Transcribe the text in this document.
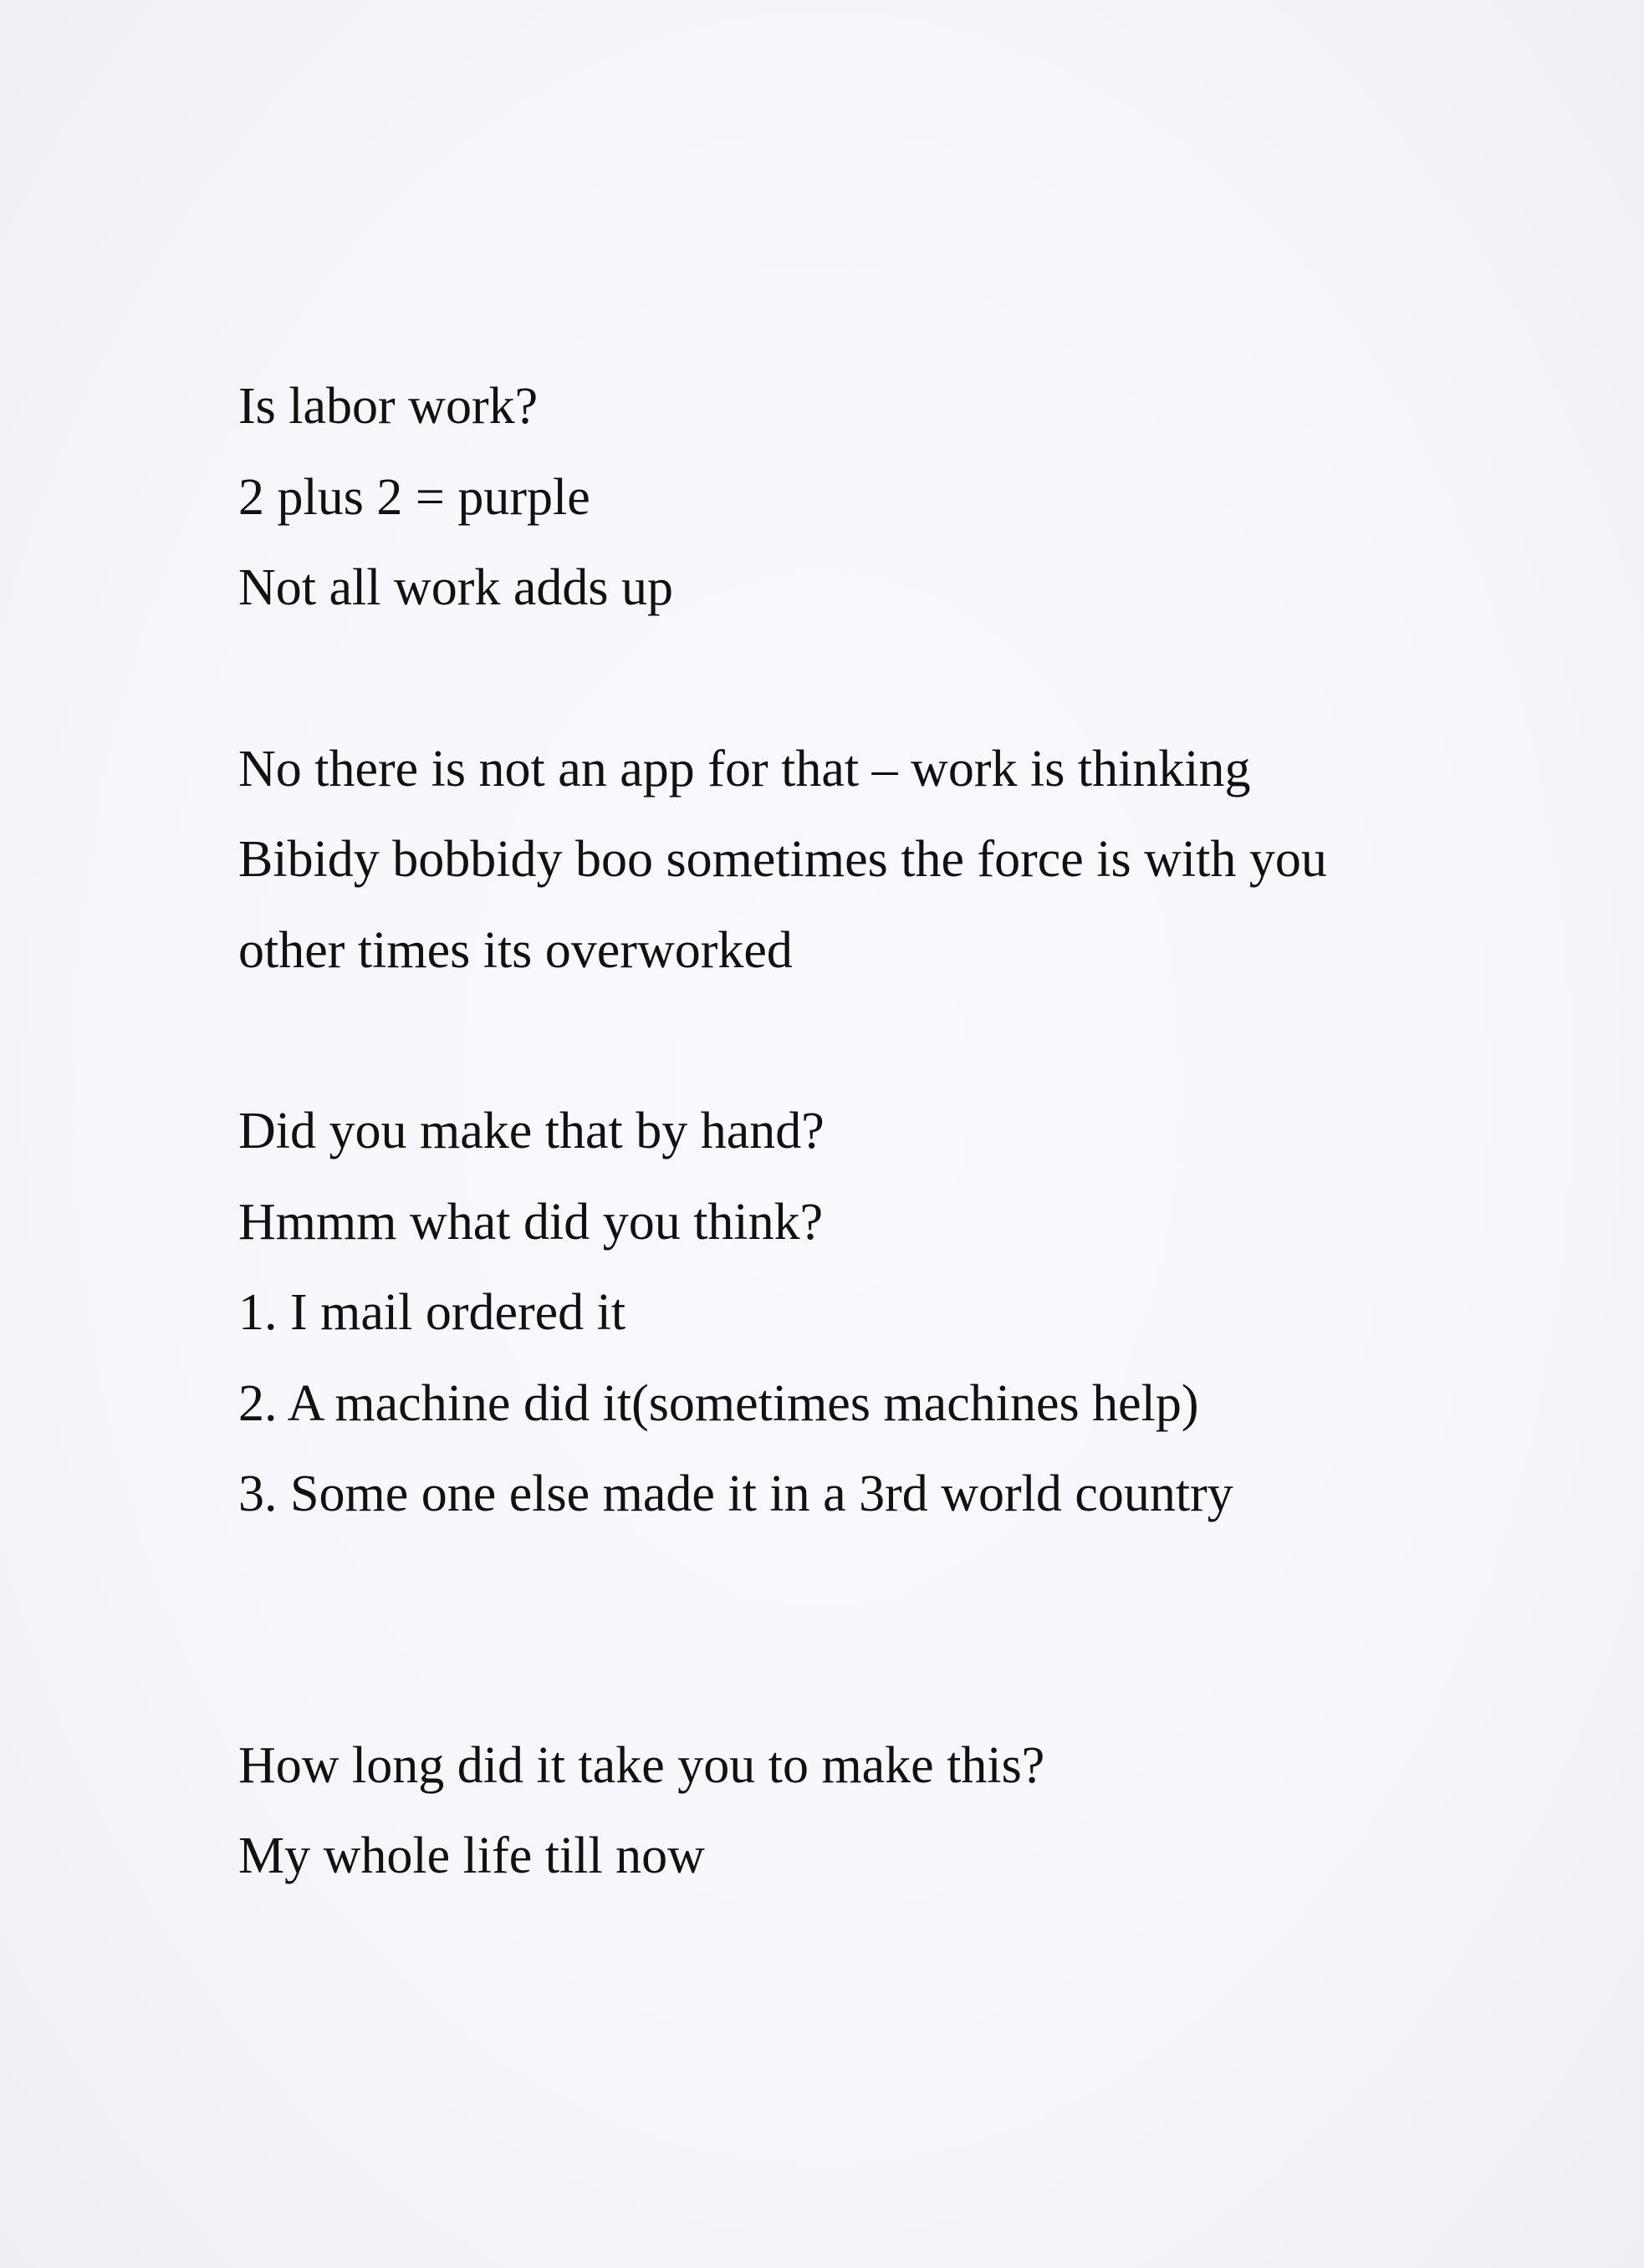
Is labor work?
2 plus 2 = purple
Not all work adds up
No there is not an app for that – work is thinking
Bibidy bobbidy boo sometimes the force is with you
other times its overworked
Did you make that by hand?
Hmmm what did you think?
1. I mail ordered it
2. A machine did it(sometimes machines help)
3. Some one else made it in a 3rd world country
How long did it take you to make this?
My whole life till now
